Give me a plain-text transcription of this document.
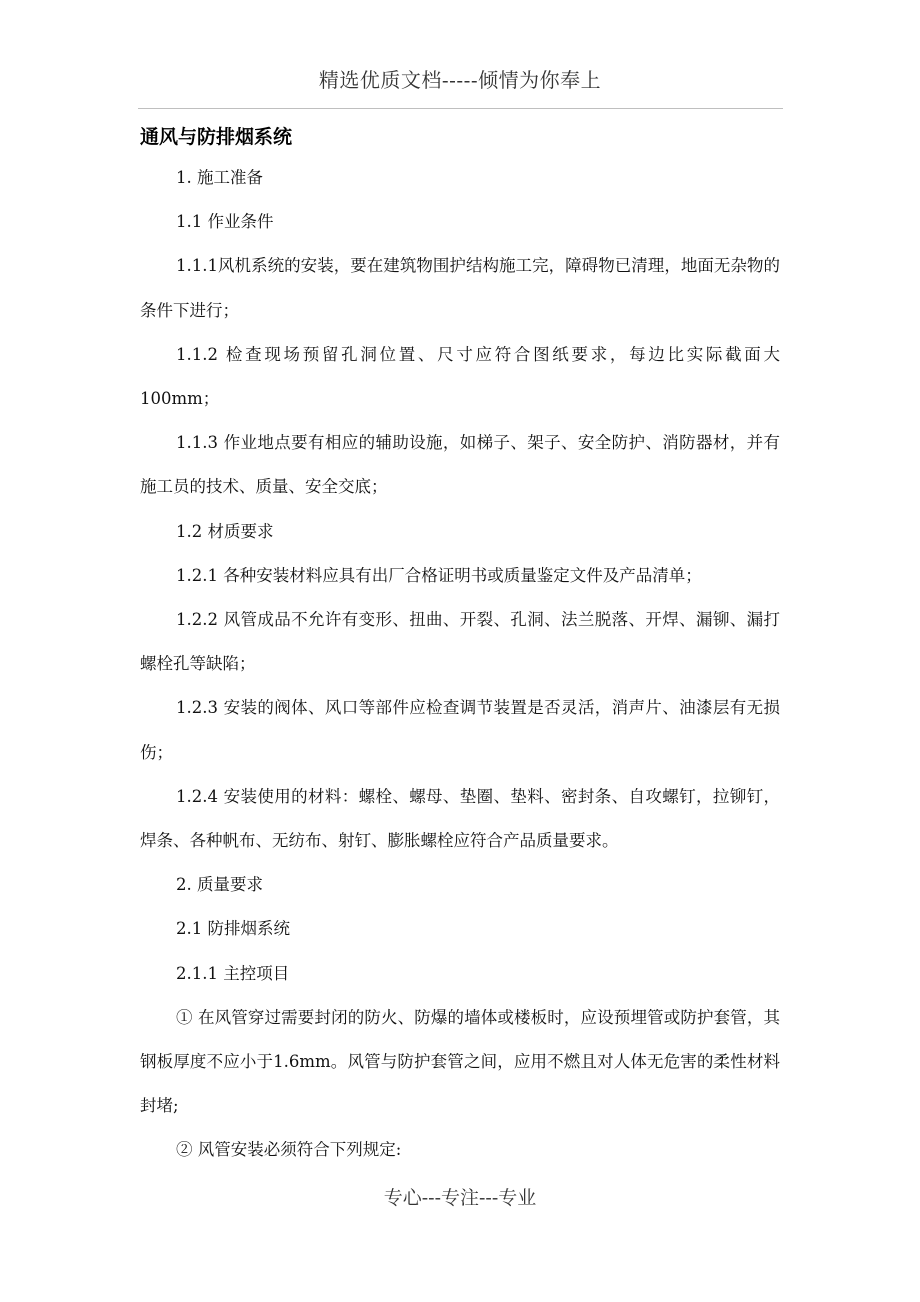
精选优质文档-----倾情为你奉上
通风与防排烟系统

1. 施工准备

1.1 作业条件

1.1.1风机系统的安装，要在建筑物围护结构施工完，障碍物已清理，地面无杂物的条件下进行；

1.1.2 检查现场预留孔洞位置、尺寸应符合图纸要求，每边比实际截面大100mm；

1.1.3 作业地点要有相应的辅助设施，如梯子、架子、安全防护、消防器材，并有施工员的技术、质量、安全交底；

1.2 材质要求

1.2.1 各种安装材料应具有出厂合格证明书或质量鉴定文件及产品清单；

1.2.2 风管成品不允许有变形、扭曲、开裂、孔洞、法兰脱落、开焊、漏铆、漏打螺栓孔等缺陷；

1.2.3 安装的阀体、风口等部件应检查调节装置是否灵活，消声片、油漆层有无损伤；

1.2.4 安装使用的材料：螺栓、螺母、垫圈、垫料、密封条、自攻螺钉，拉铆钉，焊条、各种帆布、无纺布、射钉、膨胀螺栓应符合产品质量要求。

2. 质量要求

2.1 防排烟系统

2.1.1 主控项目

① 在风管穿过需要封闭的防火、防爆的墙体或楼板时，应设预埋管或防护套管，其钢板厚度不应小于1.6mm。风管与防护套管之间，应用不燃且对人体无危害的柔性材料封堵;

② 风管安装必须符合下列规定:

专心---专注---专业
